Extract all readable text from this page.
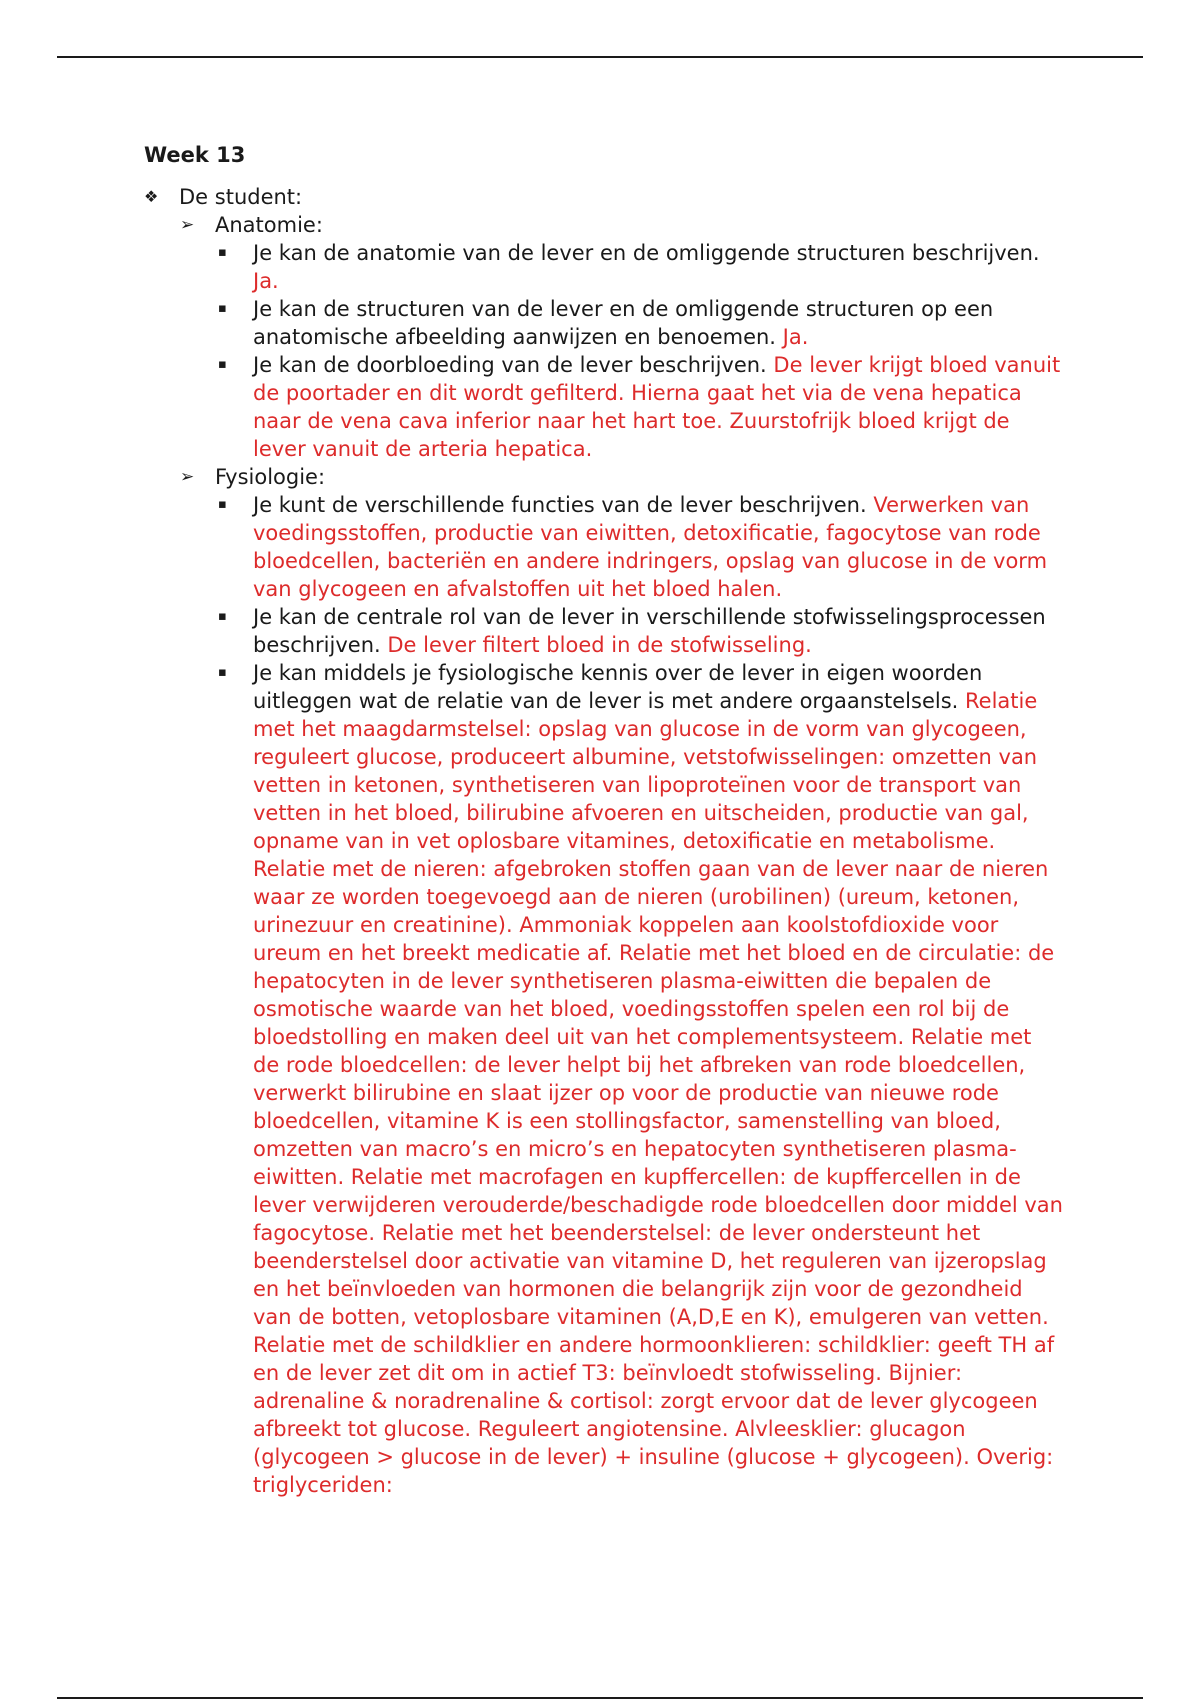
Week 13
❖ De student:
➢ Anatomie:
▪	Je kan de anatomie van de lever en de omliggende structuren beschrijven. Ja.
▪	Je kan de structuren van de lever en de omliggende structuren op een anatomische afbeelding aanwijzen en benoemen. Ja.
▪	Je kan de doorbloeding van de lever beschrijven. De lever krijgt bloed vanuit de poortader en dit wordt gefilterd. Hierna gaat het via de vena hepatica naar de vena cava inferior naar het hart toe. Zuurstofrijk bloed krijgt de lever vanuit de arteria hepatica.
➢ Fysiologie:
▪	Je kunt de verschillende functies van de lever beschrijven. Verwerken van voedingsstoffen, productie van eiwitten, detoxificatie, fagocytose van rode bloedcellen, bacteriën en andere indringers, opslag van glucose in de vorm van glycogeen en afvalstoffen uit het bloed halen.
▪	Je kan de centrale rol van de lever in verschillende stofwisselingsprocessen beschrijven. De lever filtert bloed in de stofwisseling.
▪	Je kan middels je fysiologische kennis over de lever in eigen woorden uitleggen wat de relatie van de lever is met andere orgaanstelsels. Relatie met het maagdarmstelsel: opslag van glucose in de vorm van glycogeen, reguleert glucose, produceert albumine, vetstofwisselingen: omzetten van vetten in ketonen, synthetiseren van lipoproteïnen voor de transport van vetten in het bloed, bilirubine afvoeren en uitscheiden, productie van gal, opname van in vet oplosbare vitamines, detoxificatie en metabolisme. Relatie met de nieren: afgebroken stoffen gaan van de lever naar de nieren waar ze worden toegevoegd aan de nieren (urobilinen) (ureum, ketonen, urinezuur en creatinine). Ammoniak koppelen aan koolstofdioxide voor ureum en het breekt medicatie af. Relatie met het bloed en de circulatie: de hepatocyten in de lever synthetiseren plasma-eiwitten die bepalen de osmotische waarde van het bloed, voedingsstoffen spelen een rol bij de bloedstolling en maken deel uit van het complementsysteem. Relatie met de rode bloedcellen: de lever helpt bij het afbreken van rode bloedcellen, verwerkt bilirubine en slaat ijzer op voor de productie van nieuwe rode bloedcellen, vitamine K is een stollingsfactor, samenstelling van bloed, omzetten van macro’s en micro’s en hepatocyten synthetiseren plasma-eiwitten. Relatie met macrofagen en kupffercellen: de kupffercellen in de lever verwijderen verouderde/beschadigde rode bloedcellen door middel van fagocytose. Relatie met het beenderstelsel: de lever ondersteunt het beenderstelsel door activatie van vitamine D, het reguleren van ijzeropslag en het beïnvloeden van hormonen die belangrijk zijn voor de gezondheid van de botten, vetoplosbare vitaminen (A,D,E en K), emulgeren van vetten. Relatie met de schildklier en andere hormoonklieren: schildklier: geeft TH af en de lever zet dit om in actief T3: beïnvloedt stofwisseling. Bijnier: adrenaline & noradrenaline & cortisol: zorgt ervoor dat de lever glycogeen afbreekt tot glucose. Reguleert angiotensine. Alvleesklier: glucagon (glycogeen > glucose in de lever) + insuline (glucose + glycogeen). Overig: triglyceriden:
